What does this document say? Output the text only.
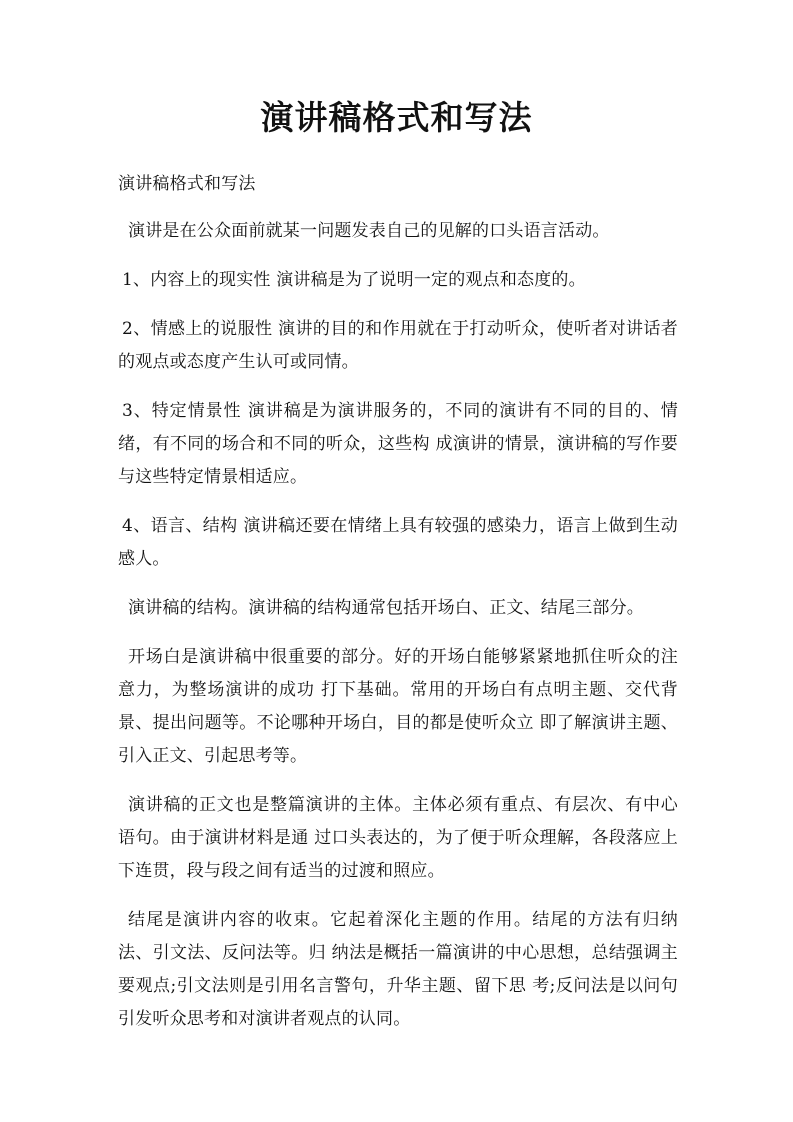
演讲稿格式和写法

演讲稿格式和写法

演讲是在公众面前就某一问题发表自己的见解的口头语言活动。

1、内容上的现实性 演讲稿是为了说明一定的观点和态度的。

2、情感上的说服性 演讲的目的和作用就在于打动听众，使听者对讲话者的观点或态度产生认可或同情。

3、特定情景性 演讲稿是为演讲服务的，不同的演讲有不同的目的、情绪，有不同的场合和不同的听众，这些构 成演讲的情景，演讲稿的写作要与这些特定情景相适应。

4、语言、结构 演讲稿还要在情绪上具有较强的感染力，语言上做到生动感人。

演讲稿的结构。演讲稿的结构通常包括开场白、正文、结尾三部分。

开场白是演讲稿中很重要的部分。好的开场白能够紧紧地抓住听众的注意力，为整场演讲的成功 打下基础。常用的开场白有点明主题、交代背景、提出问题等。不论哪种开场白，目的都是使听众立 即了解演讲主题、引入正文、引起思考等。

演讲稿的正文也是整篇演讲的主体。主体必须有重点、有层次、有中心语句。由于演讲材料是通 过口头表达的，为了便于听众理解，各段落应上下连贯，段与段之间有适当的过渡和照应。

结尾是演讲内容的收束。它起着深化主题的作用。结尾的方法有归纳法、引文法、反问法等。归 纳法是概括一篇演讲的中心思想，总结强调主要观点;引文法则是引用名言警句，升华主题、留下思 考;反问法是以问句引发听众思考和对演讲者观点的认同。
